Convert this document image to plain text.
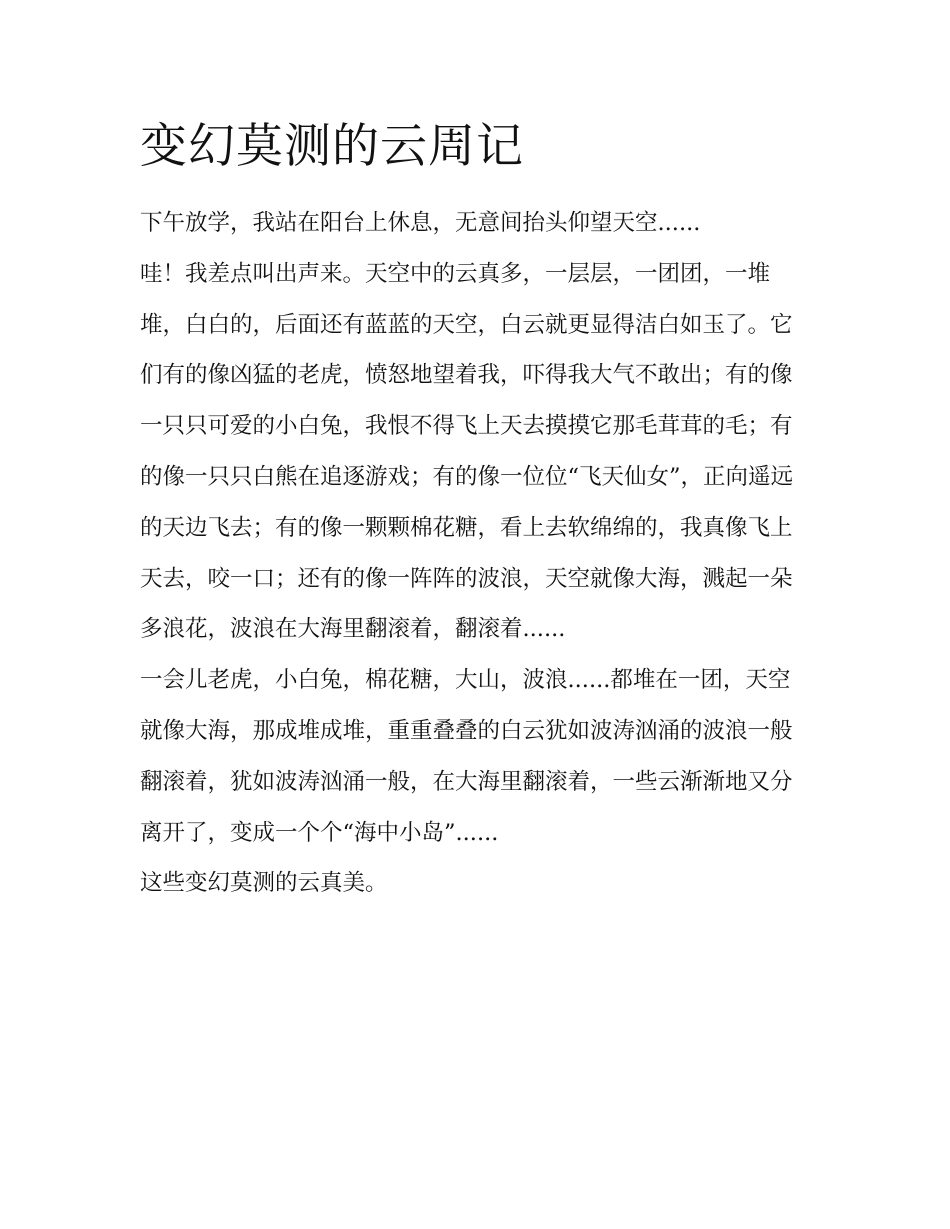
变幻莫测的云周记

下午放学，我站在阳台上休息，无意间抬头仰望天空......

哇！我差点叫出声来。天空中的云真多，一层层，一团团，一堆堆，白白的，后面还有蓝蓝的天空，白云就更显得洁白如玉了。它们有的像凶猛的老虎，愤怒地望着我，吓得我大气不敢出；有的像一只只可爱的小白兔，我恨不得飞上天去摸摸它那毛茸茸的毛；有的像一只只白熊在追逐游戏；有的像一位位“飞天仙女”，正向遥远的天边飞去；有的像一颗颗棉花糖，看上去软绵绵的，我真像飞上天去，咬一口；还有的像一阵阵的波浪，天空就像大海，溅起一朵多浪花，波浪在大海里翻滚着，翻滚着......

一会儿老虎，小白兔，棉花糖，大山，波浪......都堆在一团，天空就像大海，那成堆成堆，重重叠叠的白云犹如波涛汹涌的波浪一般翻滚着，犹如波涛汹涌一般，在大海里翻滚着，一些云渐渐地又分离开了，变成一个个“海中小岛”......

这些变幻莫测的云真美。
